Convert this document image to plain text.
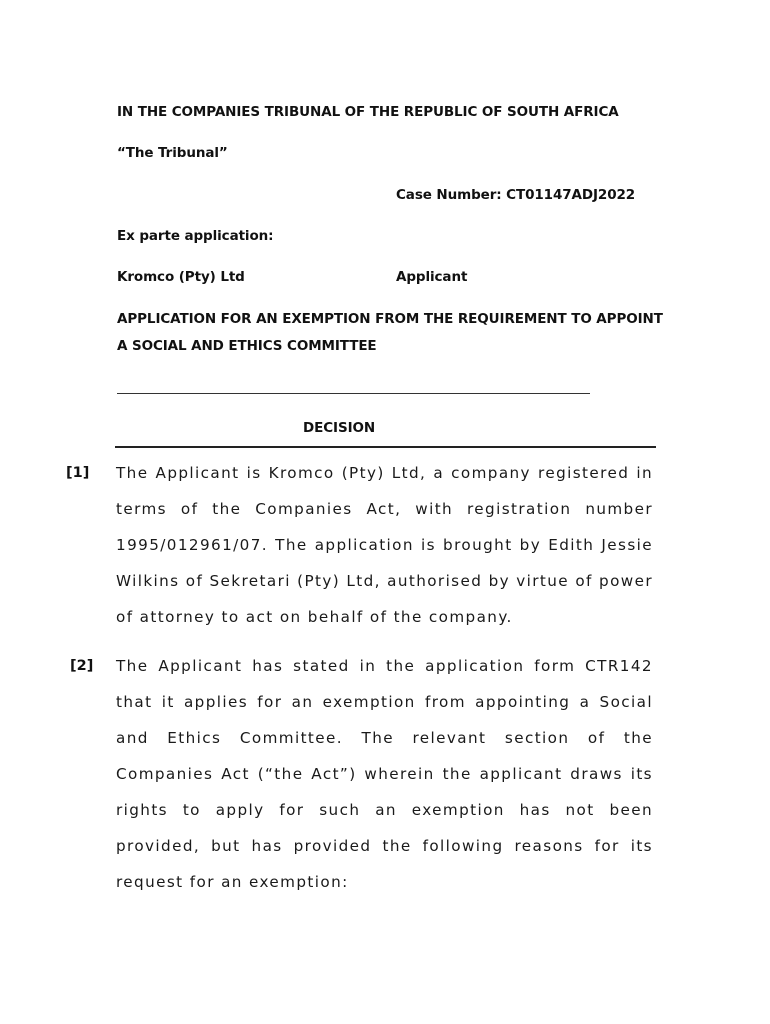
IN THE COMPANIES TRIBUNAL OF THE REPUBLIC OF SOUTH AFRICA
“The Tribunal”
Case Number: CT01147ADJ2022
Ex parte application:
Kromco (Pty) Ltd	Applicant
APPLICATION FOR AN EXEMPTION FROM THE REQUIREMENT TO APPOINT
A SOCIAL AND ETHICS COMMITTEE
DECISION
[1] The Applicant is Kromco (Pty) Ltd, a company registered in terms of the Companies Act, with registration number 1995/012961/07. The application is brought by Edith Jessie Wilkins of Sekretari (Pty) Ltd, authorised by virtue of power of attorney to act on behalf of the company.
[2] The Applicant has stated in the application form CTR142 that it applies for an exemption from appointing a Social and Ethics Committee. The relevant section of the Companies Act (“the Act”) wherein the applicant draws its rights to apply for such an exemption has not been provided, but has provided the following reasons for its request for an exemption:
